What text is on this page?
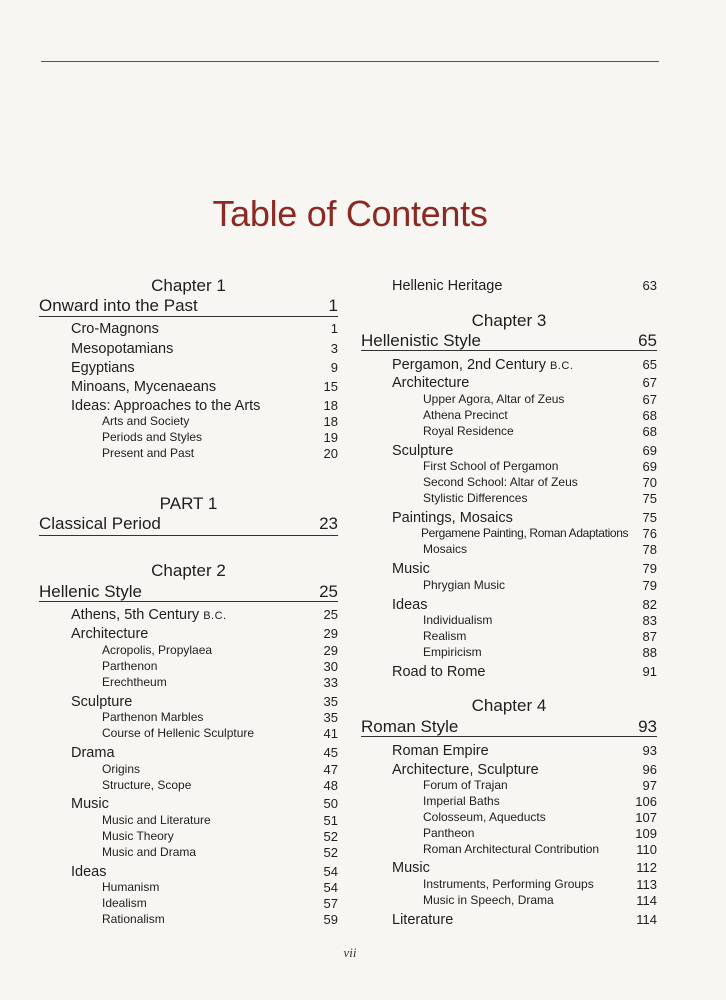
Table of Contents
Chapter 1
Onward into the Past	1
Cro-Magnons	1
Mesopotamians	3
Egyptians	9
Minoans, Mycenaeans	15
Ideas: Approaches to the Arts	18
Arts and Society	18
Periods and Styles	19
Present and Past	20
PART 1
Classical Period	23
Chapter 2
Hellenic Style	25
Athens, 5th Century B.C.	25
Architecture	29
Acropolis, Propylaea	29
Parthenon	30
Erechtheum	33
Sculpture	35
Parthenon Marbles	35
Course of Hellenic Sculpture	41
Drama	45
Origins	47
Structure, Scope	48
Music	50
Music and Literature	51
Music Theory	52
Music and Drama	52
Ideas	54
Humanism	54
Idealism	57
Rationalism	59
Hellenic Heritage	63
Chapter 3
Hellenistic Style	65
Pergamon, 2nd Century B.C.	65
Architecture	67
Upper Agora, Altar of Zeus	67
Athena Precinct	68
Royal Residence	68
Sculpture	69
First School of Pergamon	69
Second School: Altar of Zeus	70
Stylistic Differences	75
Paintings, Mosaics	75
Pergamene Painting, Roman Adaptations 76
Mosaics	78
Music	79
Phrygian Music	79
Ideas	82
Individualism	83
Realism	87
Empiricism	88
Road to Rome	91
Chapter 4
Roman Style	93
Roman Empire	93
Architecture, Sculpture	96
Forum of Trajan	97
Imperial Baths	106
Colosseum, Aqueducts	107
Pantheon	109
Roman Architectural Contribution	110
Music	112
Instruments, Performing Groups	113
Music in Speech, Drama	114
Literature	114
vii
